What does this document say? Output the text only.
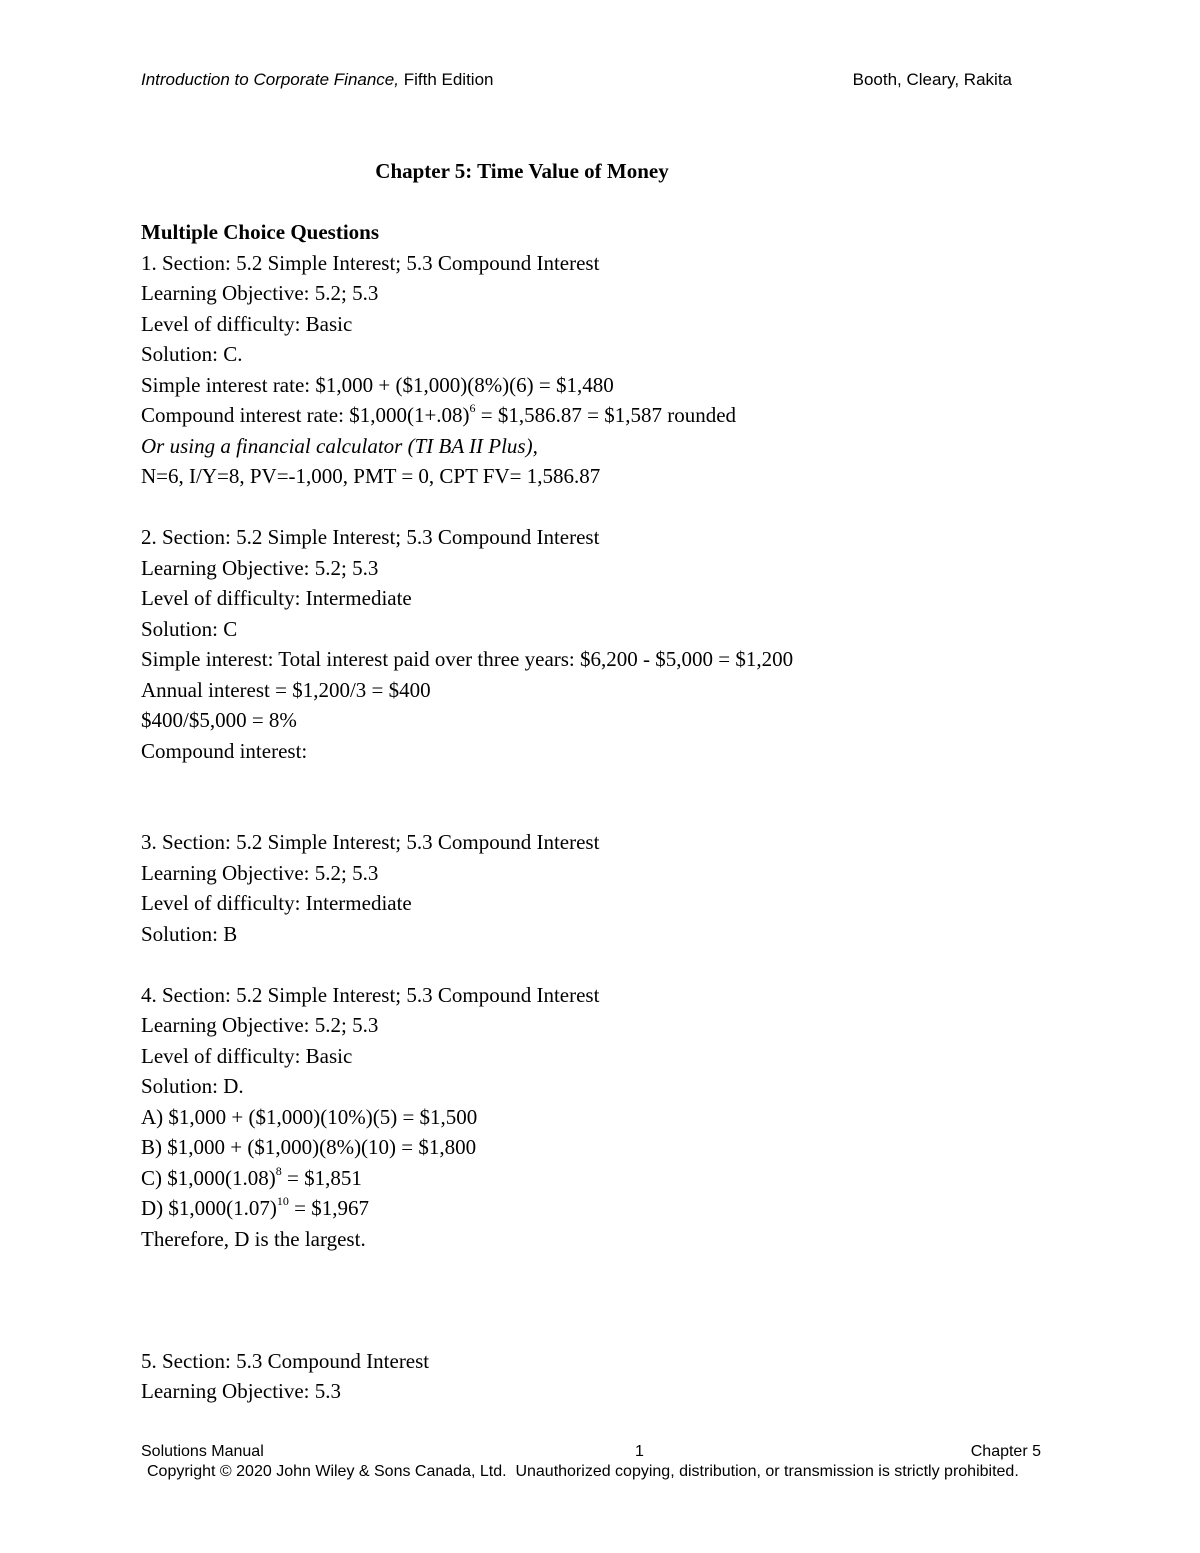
Introduction to Corporate Finance, Fifth Edition	Booth, Cleary, Rakita
Chapter 5: Time Value of Money
Multiple Choice Questions
1. Section: 5.2 Simple Interest; 5.3 Compound Interest
Learning Objective: 5.2; 5.3
Level of difficulty: Basic
Solution: C.
Simple interest rate: $1,000 + ($1,000)(8%)(6) = $1,480
Compound interest rate: $\$1,000(1+.08)^6$ = $1,586.87 = $1,587 rounded
Or using a financial calculator (TI BA II Plus),
N=6, I/Y=8, PV=-1,000, PMT = 0, CPT FV= 1,586.87
2. Section: 5.2 Simple Interest; 5.3 Compound Interest
Learning Objective: 5.2; 5.3
Level of difficulty: Intermediate
Solution: C
Simple interest: Total interest paid over three years: $6,200 - $5,000 = $1,200
Annual interest = $1,200/3 = $400
$400/$5,000 = 8%
Compound interest:
3. Section: 5.2 Simple Interest; 5.3 Compound Interest
Learning Objective: 5.2; 5.3
Level of difficulty: Intermediate
Solution: B
4. Section: 5.2 Simple Interest; 5.3 Compound Interest
Learning Objective: 5.2; 5.3
Level of difficulty: Basic
Solution: D.
A) $1,000 + ($1,000)(10%)(5) = $1,500
B) $1,000 + ($1,000)(8%)(10) = $1,800
C) $\$1,000(1.08)^8$ = $1,851
D) $\$1,000(1.07)^{10}$ = $1,967
Therefore, D is the largest.
5. Section: 5.3 Compound Interest
Learning Objective: 5.3
Solutions Manual	1	Chapter 5
Copyright © 2020 John Wiley & Sons Canada, Ltd.  Unauthorized copying, distribution, or transmission is strictly prohibited.
